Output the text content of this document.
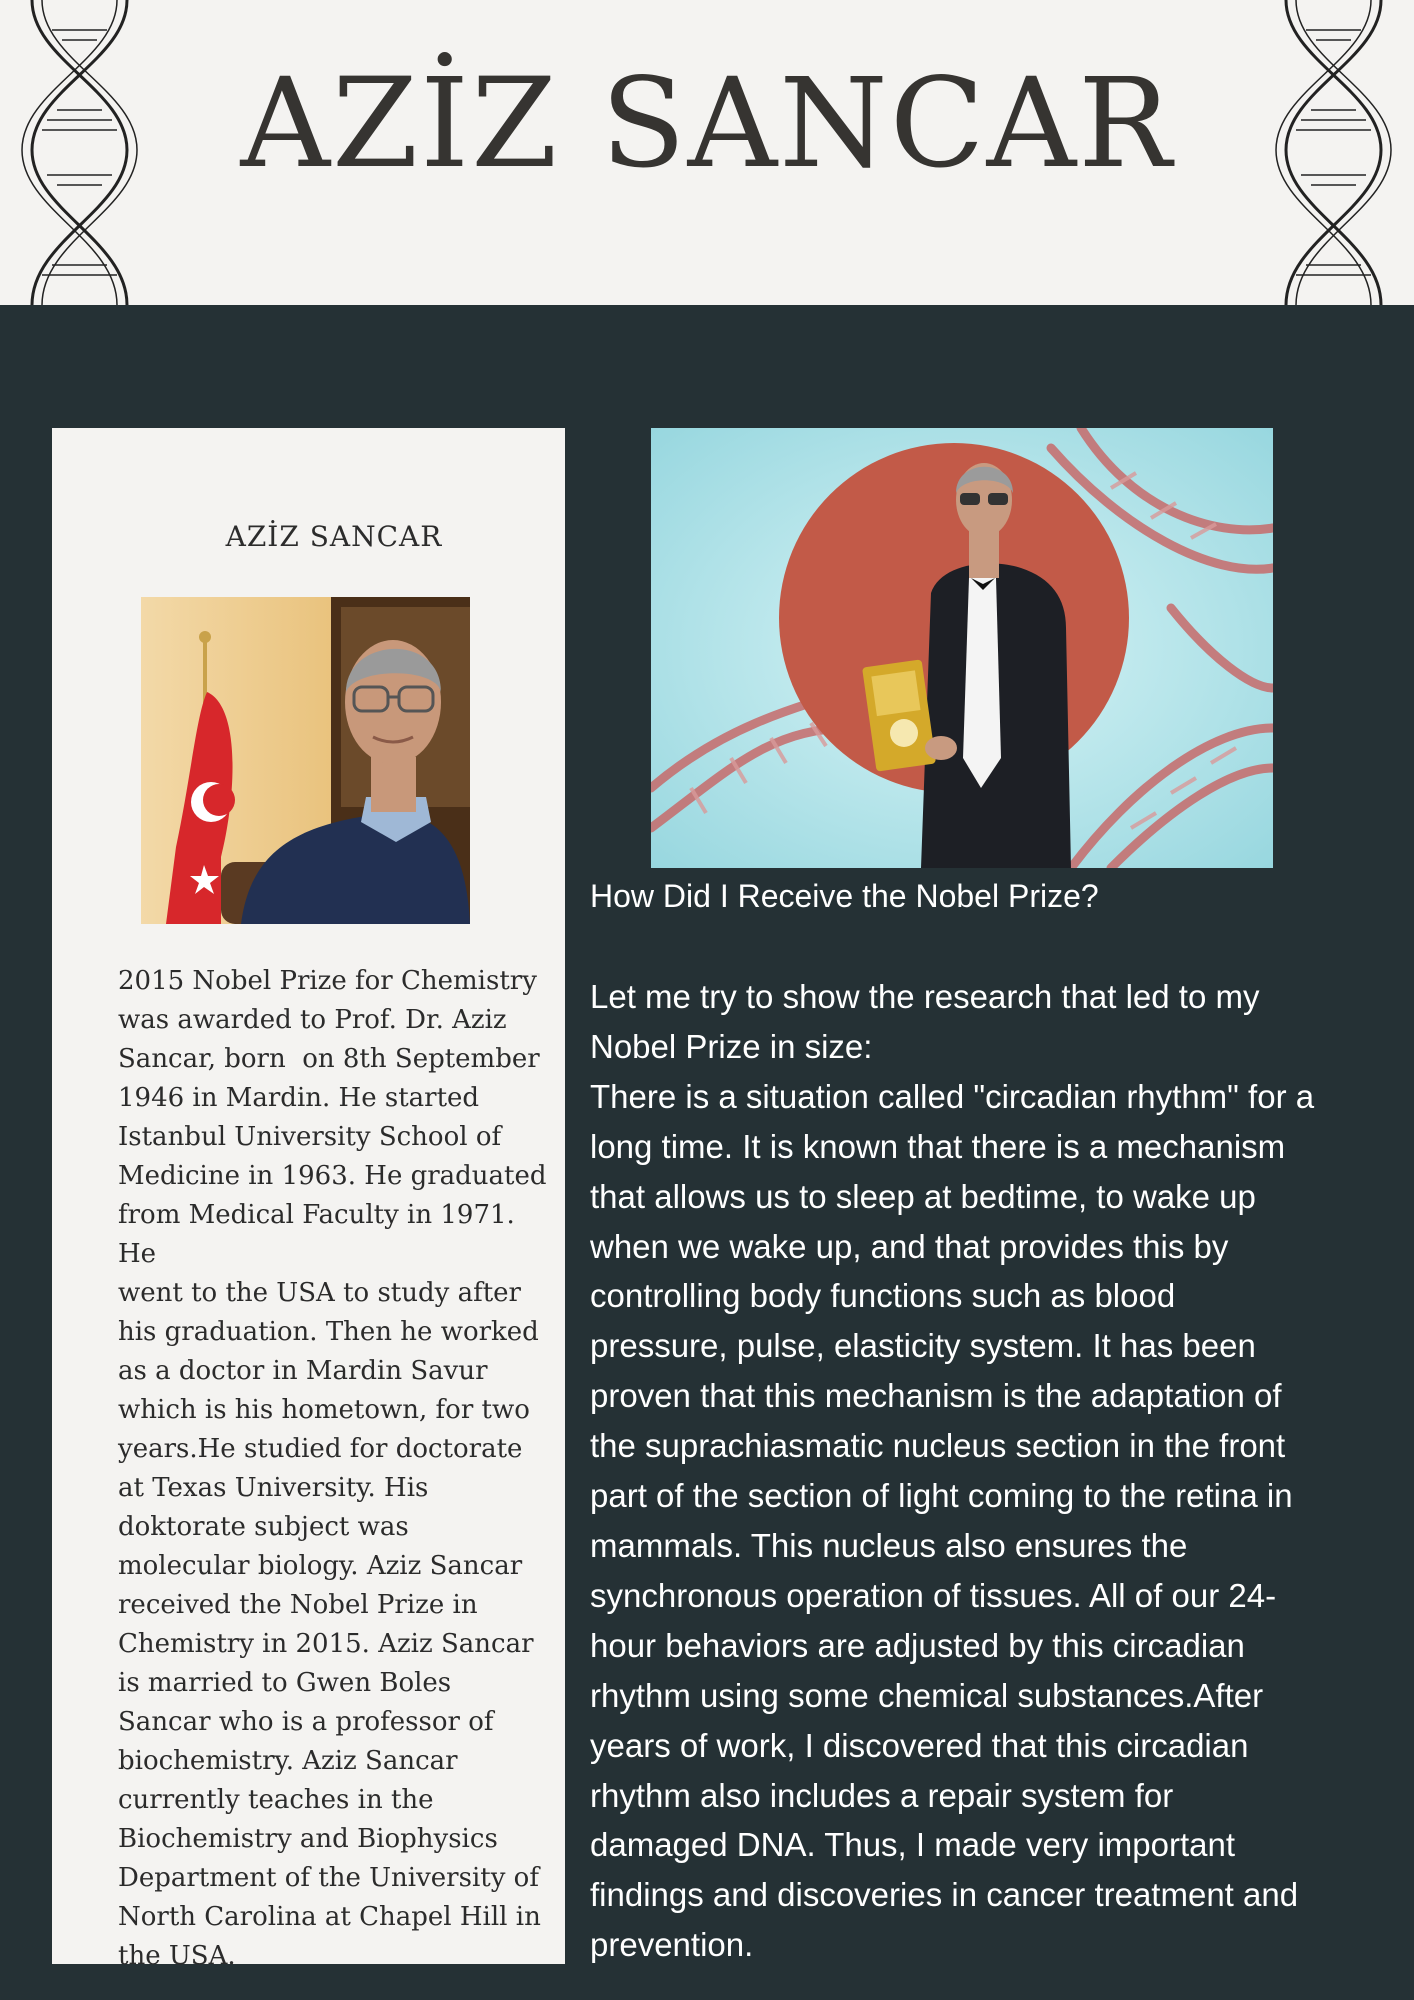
AZİZ SANCAR
AZİZ SANCAR

2015 Nobel Prize for Chemistry
was awarded to Prof. Dr. Aziz
Sancar, born  on 8th September
1946 in Mardin. He started
Istanbul University School of
Medicine in 1963. He graduated
from Medical Faculty in 1971. He
went to the USA to study after
his graduation. Then he worked
as a doctor in Mardin Savur
which is his hometown, for two
years.He studied for doctorate
at Texas University. His
doktorate subject was
molecular biology. Aziz Sancar
received the Nobel Prize in
Chemistry in 2015. Aziz Sancar
is married to Gwen Boles
Sancar who is a professor of
biochemistry. Aziz Sancar
currently teaches in the
Biochemistry and Biophysics
Department of the University of
North Carolina at Chapel Hill in
the USA.

How Did I Receive the Nobel Prize?

Let me try to show the research that led to my
Nobel Prize in size:
There is a situation called "circadian rhythm" for a
long time. It is known that there is a mechanism
that allows us to sleep at bedtime, to wake up
when we wake up, and that provides this by
controlling body functions such as blood
pressure, pulse, elasticity system. It has been
proven that this mechanism is the adaptation of
the suprachiasmatic nucleus section in the front
part of the section of light coming to the retina in
mammals. This nucleus also ensures the
synchronous operation of tissues. All of our 24-
hour behaviors are adjusted by this circadian
rhythm using some chemical substances.After
years of work, I discovered that this circadian
rhythm also includes a repair system for
damaged DNA. Thus, I made very important
findings and discoveries in cancer treatment and
prevention.
